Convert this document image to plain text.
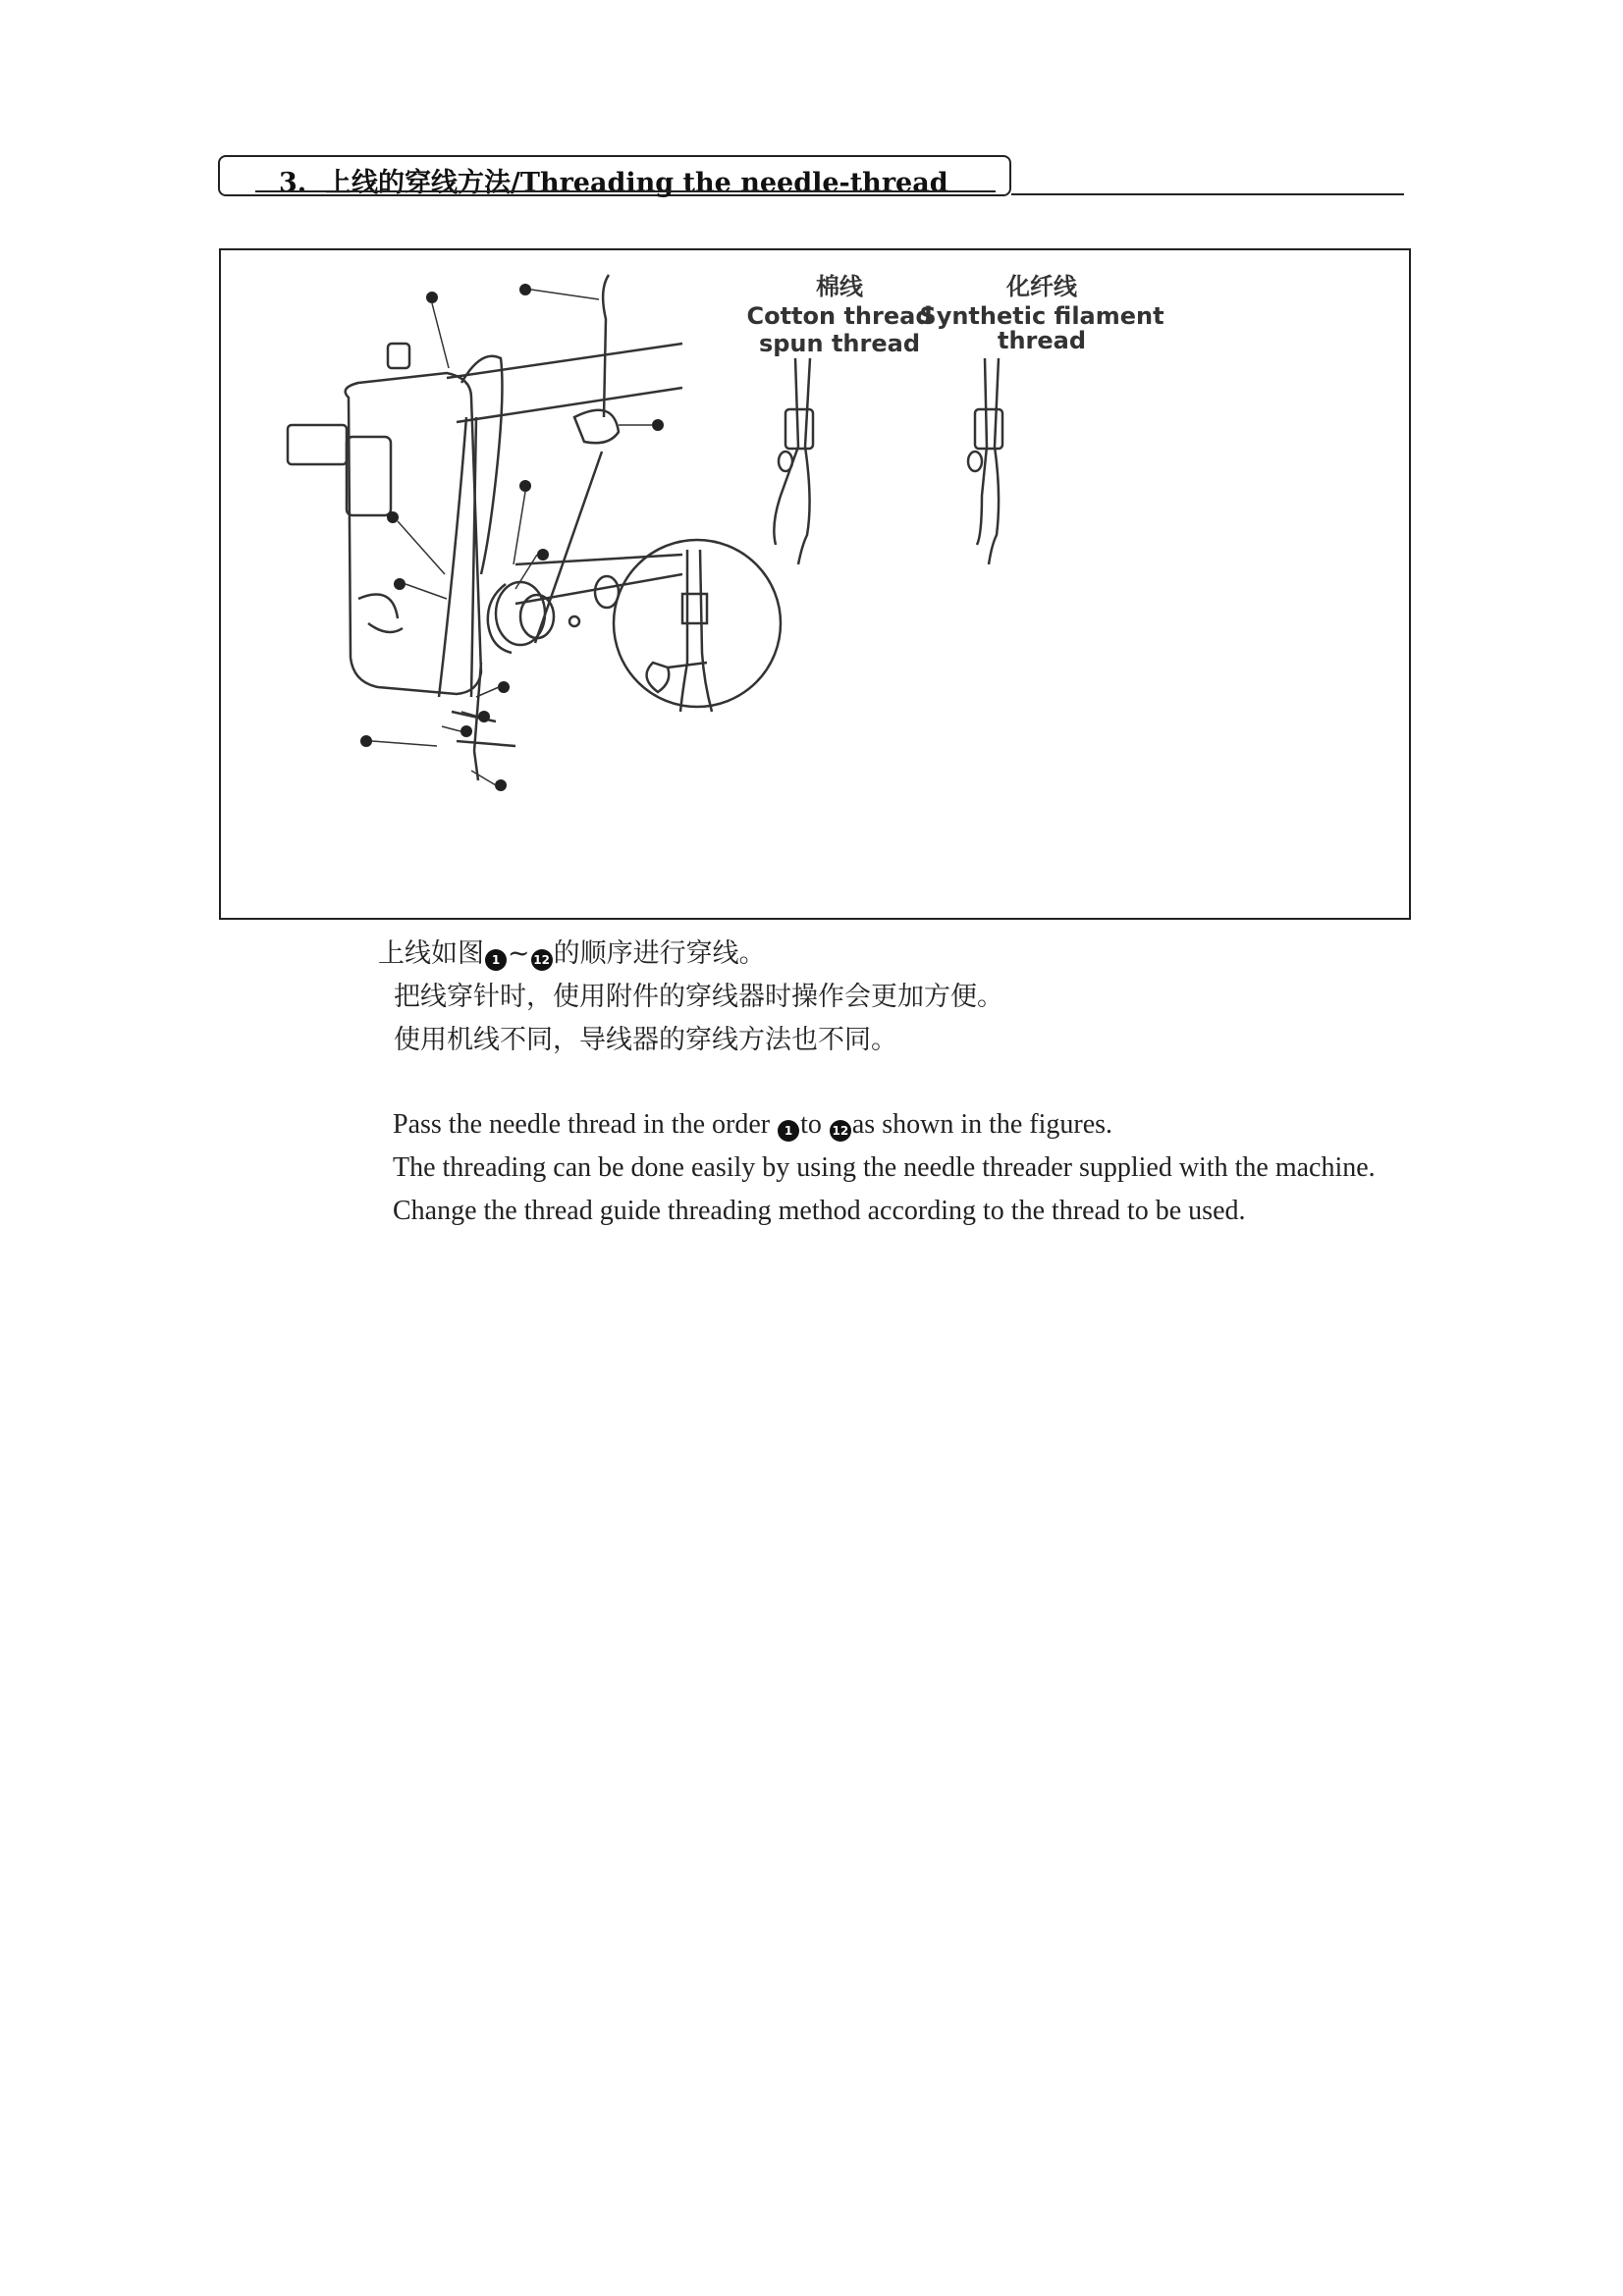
3. 上线的穿线方法/Threading the needle-thread
棉线
Cotton thread
spun thread
化纤线
Synthetic filament
thread
上线如图 1 ~ 12 的顺序进行穿线。
把线穿针时，使用附件的穿线器时操作会更加方便。
使用机线不同，导线器的穿线方法也不同。
Pass the needle thread in the order 1 to 12 as shown in the figures.
The threading can be done easily by using the needle threader supplied with the machine.
Change the thread guide threading method according to the thread to be used.
